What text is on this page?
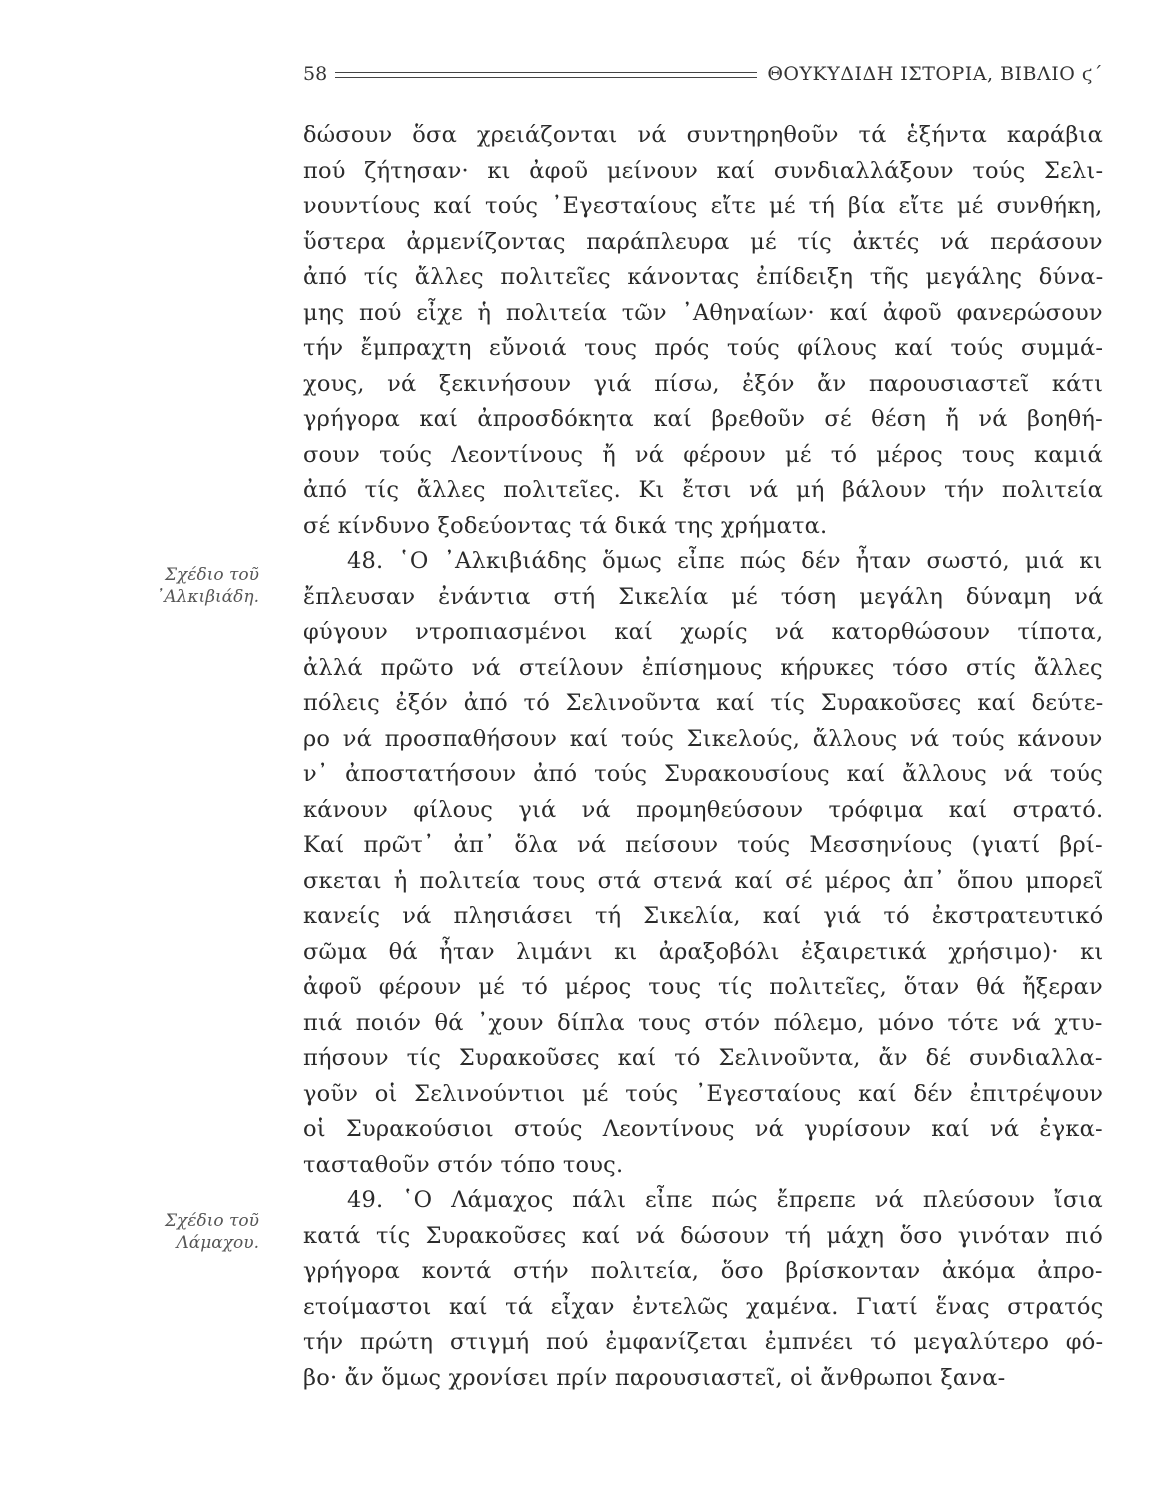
58	ΘΟΥΚΥΔΙΔΗ ΙΣΤΟΡΙΑ, ΒΙΒΛΙΟ ϛ΄
Σχέδιο τοῦ
᾿Αλκιβιάδη.
Σχέδιο τοῦ
Λάμαχου.
δώσουν ὅσα χρειάζονται νά συντηρηθοῦν τά ἑξήντα καράβια
πού ζήτησαν· κι ἀφοῦ μείνουν καί συνδιαλλάξουν τούς Σελι-
νουντίους καί τούς ᾿Εγεσταίους εἴτε μέ τή βία εἴτε μέ συνθήκη,
ὕστερα ἀρμενίζοντας παράπλευρα μέ τίς ἀκτές νά περάσουν
ἀπό τίς ἄλλες πολιτεῖες κάνοντας ἐπίδειξη τῆς μεγάλης δύνα-
μης πού εἶχε ἡ πολιτεία τῶν ᾿Αθηναίων· καί ἀφοῦ φανερώσουν
τήν ἔμπραχτη εὔνοιά τους πρός τούς φίλους καί τούς συμμά-
χους, νά ξεκινήσουν γιά πίσω, ἐξόν ἄν παρουσιαστεῖ κάτι
γρήγορα καί ἀπροσδόκητα καί βρεθοῦν σέ θέση ἤ νά βοηθή-
σουν τούς Λεοντίνους ἤ νά φέρουν μέ τό μέρος τους καμιά
ἀπό τίς ἄλλες πολιτεῖες. Κι ἔτσι νά μή βάλουν τήν πολιτεία
σέ κίνδυνο ξοδεύοντας τά δικά της χρήματα.
48. ῾Ο ᾿Αλκιβιάδης ὅμως εἶπε πώς δέν ἦταν σωστό, μιά κι
ἔπλευσαν ἐνάντια στή Σικελία μέ τόση μεγάλη δύναμη νά
φύγουν ντροπιασμένοι καί χωρίς νά κατορθώσουν τίποτα,
ἀλλά πρῶτο νά στείλουν ἐπίσημους κήρυκες τόσο στίς ἄλλες
πόλεις ἐξόν ἀπό τό Σελινοῦντα καί τίς Συρακοῦσες καί δεύτε-
ρο νά προσπαθήσουν καί τούς Σικελούς, ἄλλους νά τούς κάνουν
ν᾿ ἀποστατήσουν ἀπό τούς Συρακουσίους καί ἄλλους νά τούς
κάνουν φίλους γιά νά προμηθεύσουν τρόφιμα καί στρατό.
Καί πρῶτ᾿ ἀπ᾿ ὅλα νά πείσουν τούς Μεσσηνίους (γιατί βρί-
σκεται ἡ πολιτεία τους στά στενά καί σέ μέρος ἀπ᾿ ὅπου μπορεῖ
κανείς νά πλησιάσει τή Σικελία, καί γιά τό ἐκστρατευτικό
σῶμα θά ἦταν λιμάνι κι ἀραξοβόλι ἐξαιρετικά χρήσιμο)· κι
ἀφοῦ φέρουν μέ τό μέρος τους τίς πολιτεῖες, ὅταν θά ἤξεραν
πιά ποιόν θά ᾿χουν δίπλα τους στόν πόλεμο, μόνο τότε νά χτυ-
πήσουν τίς Συρακοῦσες καί τό Σελινοῦντα, ἄν δέ συνδιαλλα-
γοῦν οἱ Σελινούντιοι μέ τούς ᾿Εγεσταίους καί δέν ἐπιτρέψουν
οἱ Συρακούσιοι στούς Λεοντίνους νά γυρίσουν καί νά ἐγκα-
τασταθοῦν στόν τόπο τους.
49. ῾Ο Λάμαχος πάλι εἶπε πώς ἔπρεπε νά πλεύσουν ἴσια
κατά τίς Συρακοῦσες καί νά δώσουν τή μάχη ὅσο γινόταν πιό
γρήγορα κοντά στήν πολιτεία, ὅσο βρίσκονταν ἀκόμα ἀπρο-
ετοίμαστοι καί τά εἶχαν ἐντελῶς χαμένα. Γιατί ἕνας στρατός
τήν πρώτη στιγμή πού ἐμφανίζεται ἐμπνέει τό μεγαλύτερο φό-
βο· ἄν ὅμως χρονίσει πρίν παρουσιαστεῖ, οἱ ἄνθρωποι ξανα-
